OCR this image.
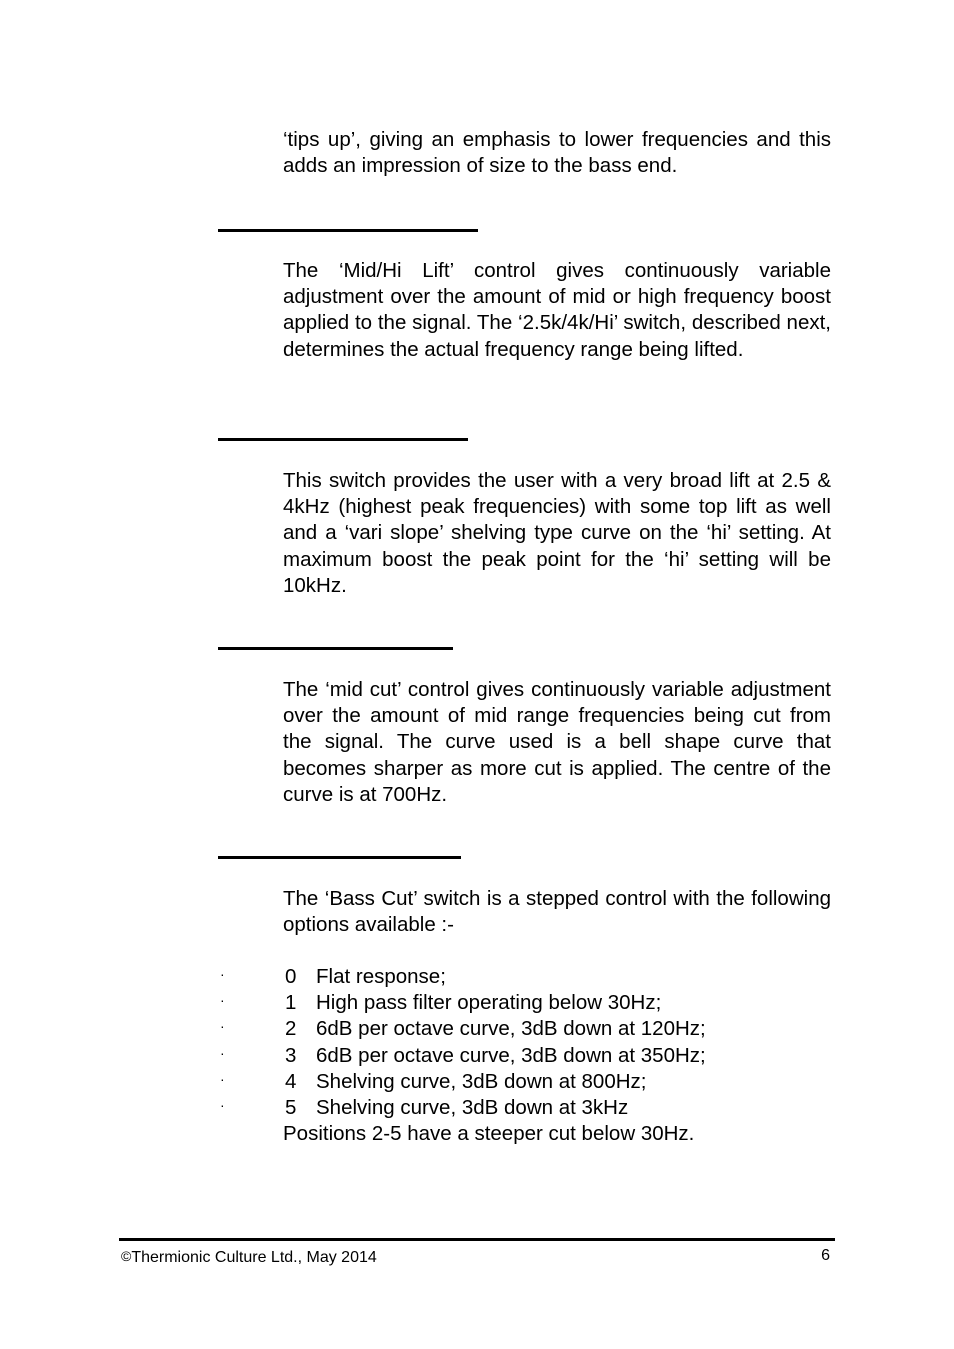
‘tips up’, giving an emphasis to lower frequencies and this adds an impression of size to the bass end.

The ‘Mid/Hi Lift’ control gives continuously variable adjustment over the amount of mid or high frequency boost applied to the signal. The ‘2.5k/4k/Hi’ switch, described next, determines the actual frequency range being lifted.

This switch provides the user with a very broad lift at 2.5 & 4kHz (highest peak frequencies) with some top lift as well and a ‘vari slope’ shelving type curve on the ‘hi’ setting. At maximum boost the peak point for the ‘hi’ setting will be 10kHz.

The ‘mid cut’ control gives continuously variable adjustment over the amount of mid range frequencies being cut from the signal. The curve used is a bell shape curve that becomes sharper as more cut is applied. The centre of the curve is at 700Hz.

The ‘Bass Cut’ switch is a stepped control with the following options available :-

·	0 Flat response;
·	1 High pass filter operating below 30Hz;
·	2 6dB per octave curve, 3dB down at 120Hz;
·	3 6dB per octave curve, 3dB down at 350Hz;
·	4 Shelving curve, 3dB down at 800Hz;
·	5 Shelving curve, 3dB down at 3kHz

Positions 2-5 have a steeper cut below 30Hz.

©Thermionic Culture Ltd., May 2014	6
